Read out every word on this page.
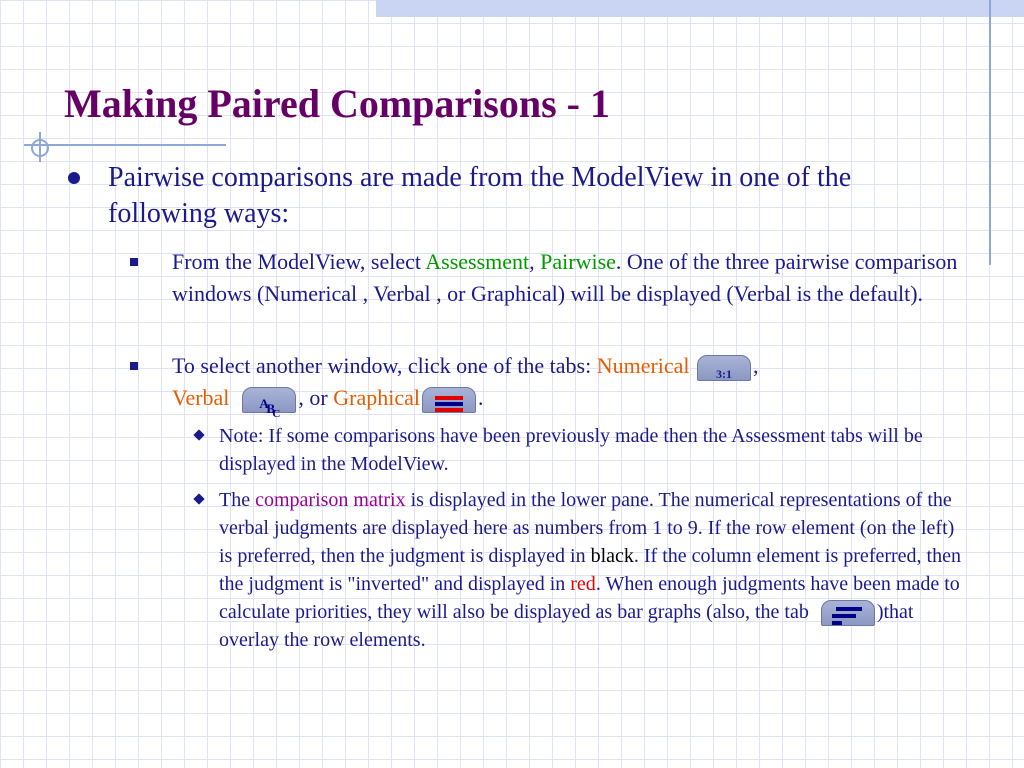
Making Paired Comparisons - 1
Pairwise comparisons are made from the ModelView in one of the following ways:
From the ModelView, select Assessment, Pairwise. One of the three pairwise comparison windows (Numerical , Verbal , or Graphical) will be displayed (Verbal is the default).
To select another window, click one of the tabs: Numerical	3:1 ,
Verbal A
B
C
, or Graphical	.
Note: If some comparisons have been previously made then the Assessment tabs will be displayed in the ModelView.
The comparison matrix is displayed in the lower pane. The numerical representations of the verbal judgments are displayed here as numbers from 1 to 9. If the row element (on the left) is preferred, then the judgment is displayed in black. If the column element is preferred, then the judgment is "inverted" and displayed in red. When enough judgments have been made to calculate priorities, they will also be displayed as bar graphs (also, the tab	)that overlay the row elements.
